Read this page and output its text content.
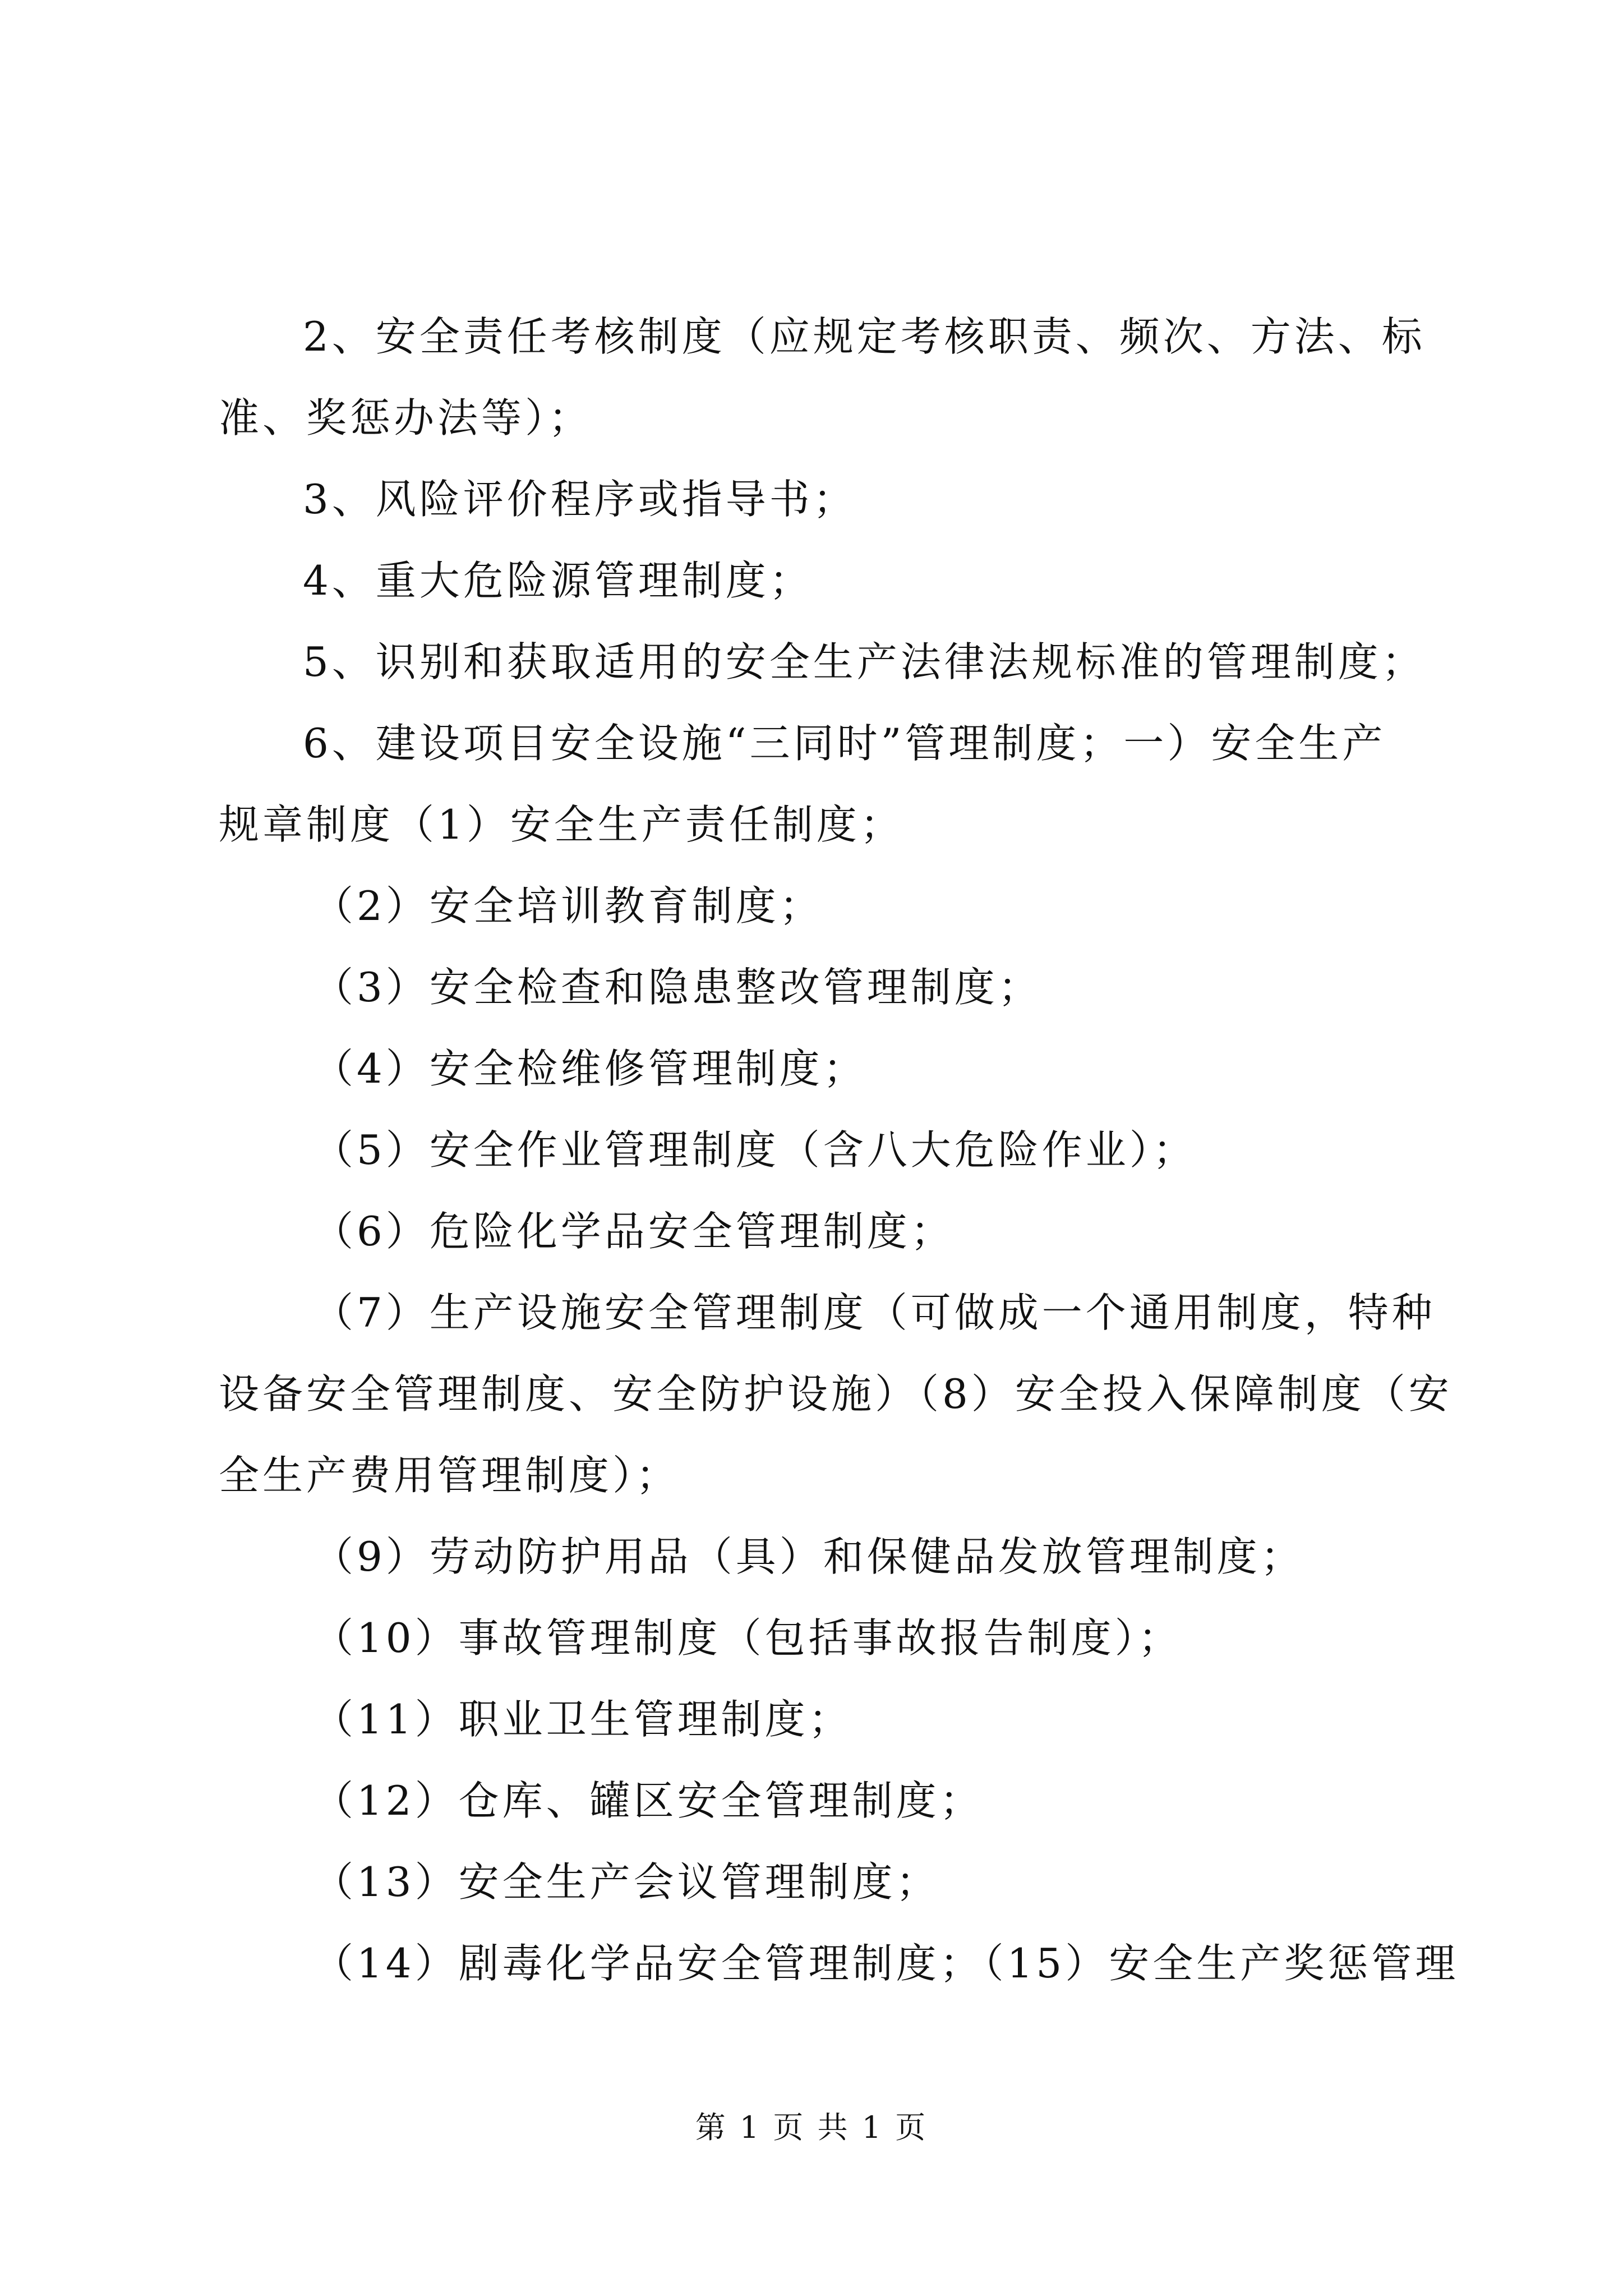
2、安全责任考核制度（应规定考核职责、频次、方法、标
准、奖惩办法等）；
3、风险评价程序或指导书；
4、重大危险源管理制度；
5、识别和获取适用的安全生产法律法规标准的管理制度；
6、建设项目安全设施“三同时”管理制度；一）安全生产
规章制度（1）安全生产责任制度；
（2）安全培训教育制度；
（3）安全检查和隐患整改管理制度；
（4）安全检维修管理制度；
（5）安全作业管理制度（含八大危险作业）；
（6）危险化学品安全管理制度；
（7）生产设施安全管理制度（可做成一个通用制度，特种
设备安全管理制度、安全防护设施）（8）安全投入保障制度（安
全生产费用管理制度）；
（9）劳动防护用品（具）和保健品发放管理制度；
（10）事故管理制度（包括事故报告制度）；
（11）职业卫生管理制度；
（12）仓库、罐区安全管理制度；
（13）安全生产会议管理制度；
（14）剧毒化学品安全管理制度；（15）安全生产奖惩管理
第 1 页 共 1 页
